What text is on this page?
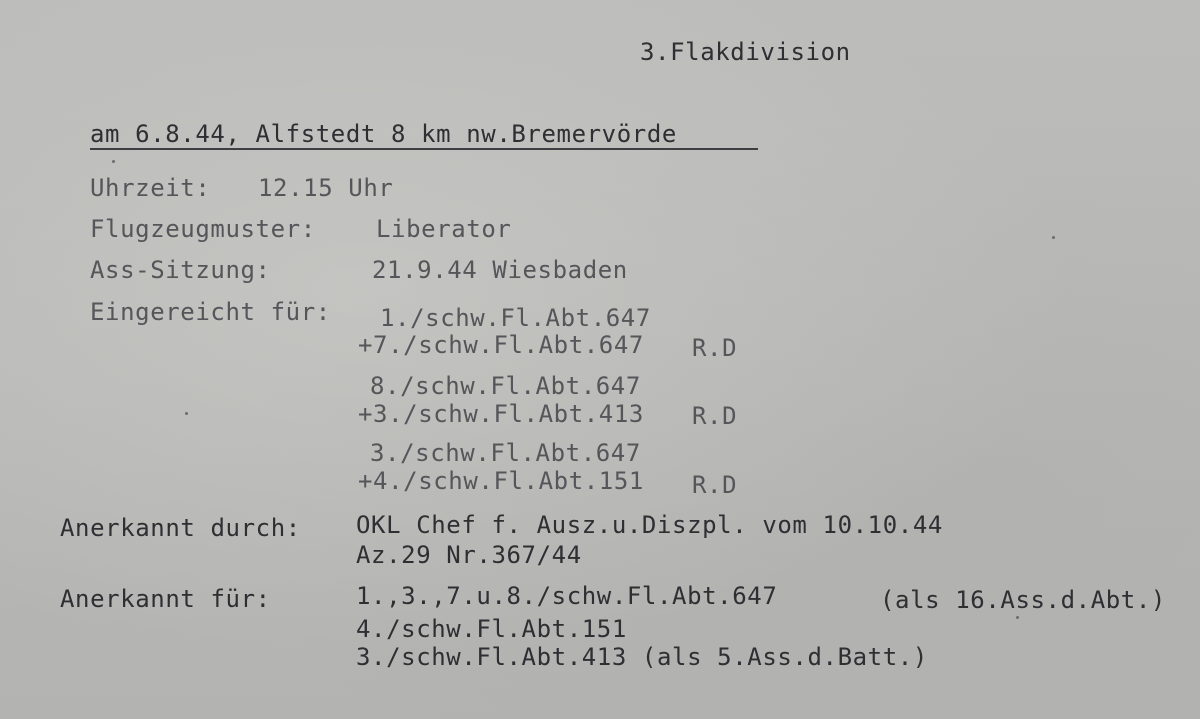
3.Flakdivision
am 6.8.44, Alfstedt 8 km nw.Bremervörde
Uhrzeit: 12.15 Uhr
Flugzeugmuster:	Liberator
Ass-Sitzung:	21.9.44 Wiesbaden
Eingereicht für: 1./schw.Fl.Abt.647
+7./schw.Fl.Abt.647 R.D
8./schw.Fl.Abt.647
+3./schw.Fl.Abt.413 R.D
3./schw.Fl.Abt.647
+4./schw.Fl.Abt.151 R.D
Anerkannt durch: OKL Chef f. Ausz.u.Diszpl. vom 10.10.44
Az.29 Nr.367/44
Anerkannt für:	1.,3.,7.u.8./schw.Fl.Abt.647	(als 16.Ass.d.Abt.)
4./schw.Fl.Abt.151
3./schw.Fl.Abt.413 (als 5.Ass.d.Batt.)
